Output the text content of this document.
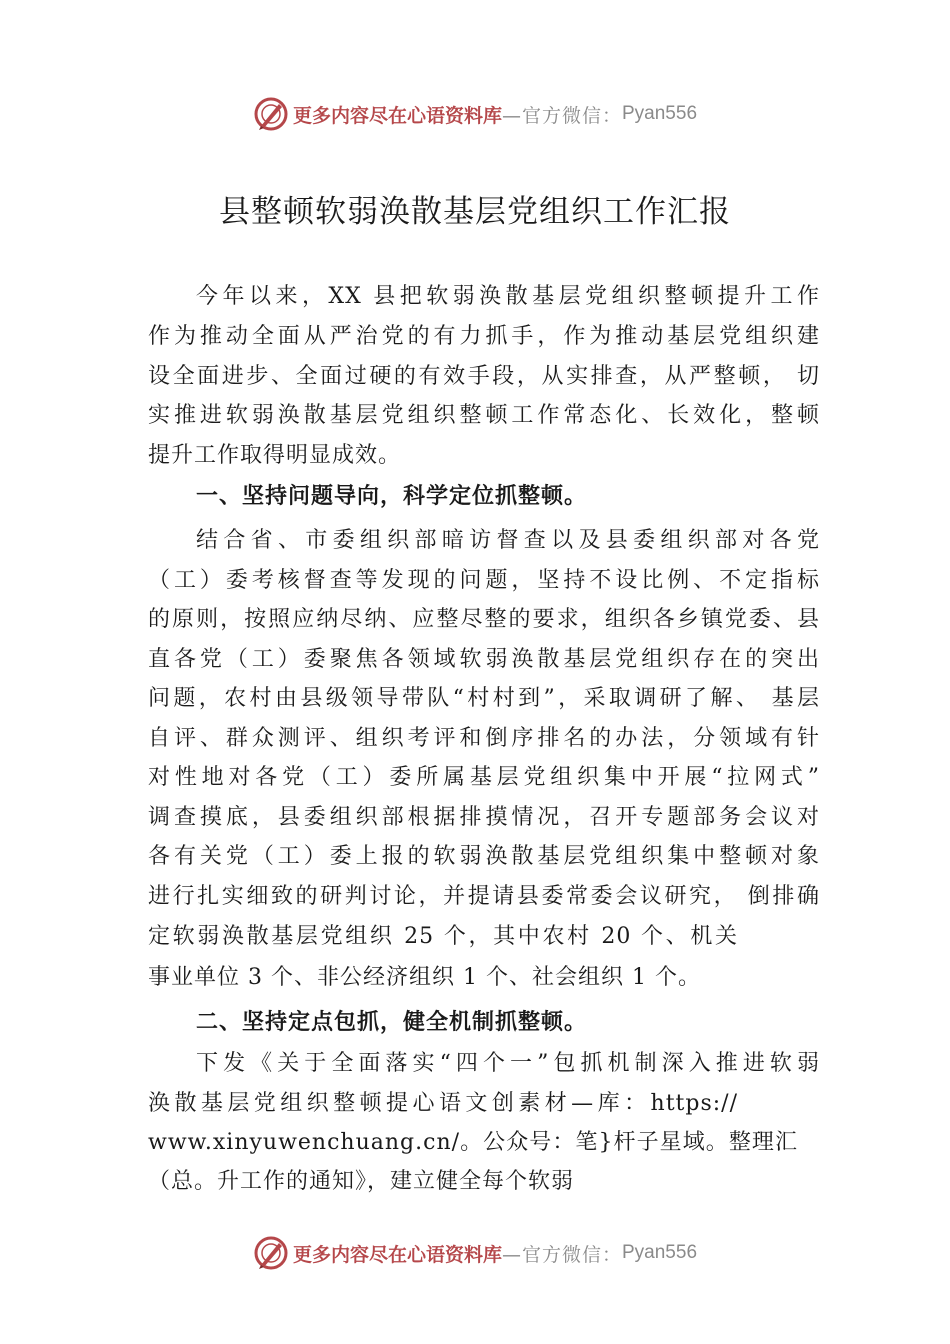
更多内容尽在心语资料库 —官方微信： Pyan556
县整顿软弱涣散基层党组织工作汇报
今年以来，XX 县把软弱涣散基层党组织整顿提升工作
作为推动全面从严治党的有力抓手，作为推动基层党组织建
设全面进步、全面过硬的有效手段，从实排查，从严整顿， 切
实推进软弱涣散基层党组织整顿工作常态化、长效化，整顿
提升工作取得明显成效。
一、坚持问题导向，科学定位抓整顿。
结合省、市委组织部暗访督查以及县委组织部对各党
（工）委考核督查等发现的问题，坚持不设比例、不定指标
的原则，按照应纳尽纳、应整尽整的要求，组织各乡镇党委、县
直各党（工）委聚焦各领域软弱涣散基层党组织存在的突出
问题，农村由县级领导带队“村村到”，采取调研了解、 基层
自评、群众测评、组织考评和倒序排名的办法，分领域有针
对性地对各党（工）委所属基层党组织集中开展“拉网式”
调查摸底，县委组织部根据排摸情况，召开专题部务会议对
各有关党（工）委上报的软弱涣散基层党组织集中整顿对象
进行扎实细致的研判讨论，并提请县委常委会议研究， 倒排确
定软弱涣散基层党组织 25 个，其中农村 20 个、机关
事业单位 3 个、非公经济组织 1 个、社会组织 1 个。
二、坚持定点包抓，健全机制抓整顿。
下发《关于全面落实“四个一”包抓机制深入推进软弱
涣散基层党组织整顿提心语文创素材—库：https://
www.xinyuwenchuang.cn/。公众号：笔}杆子星域。整理汇
（总。升工作的通知》，建立健全每个软弱
更多内容尽在心语资料库 —官方微信： Pyan556
